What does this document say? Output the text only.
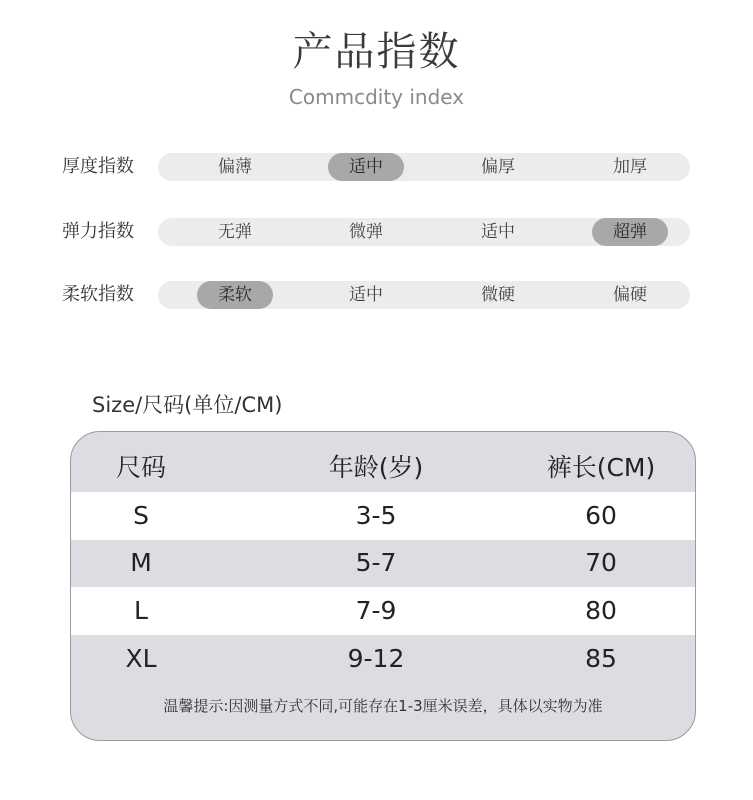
产品指数
Commcdity index
厚度指数	偏薄	适中	偏厚	加厚
弹力指数	无弹	微弹	适中	超弹
柔软指数	柔软	适中	微硬	偏硬
Size/尺码(单位/CM)
尺码	年龄(岁)	裤长(CM)
S	3-5	60
M	5-7	70
L	7-9	80
XL	9-12	85
温馨提示:因测量方式不同,可能存在1-3厘米误差，具体以实物为准
